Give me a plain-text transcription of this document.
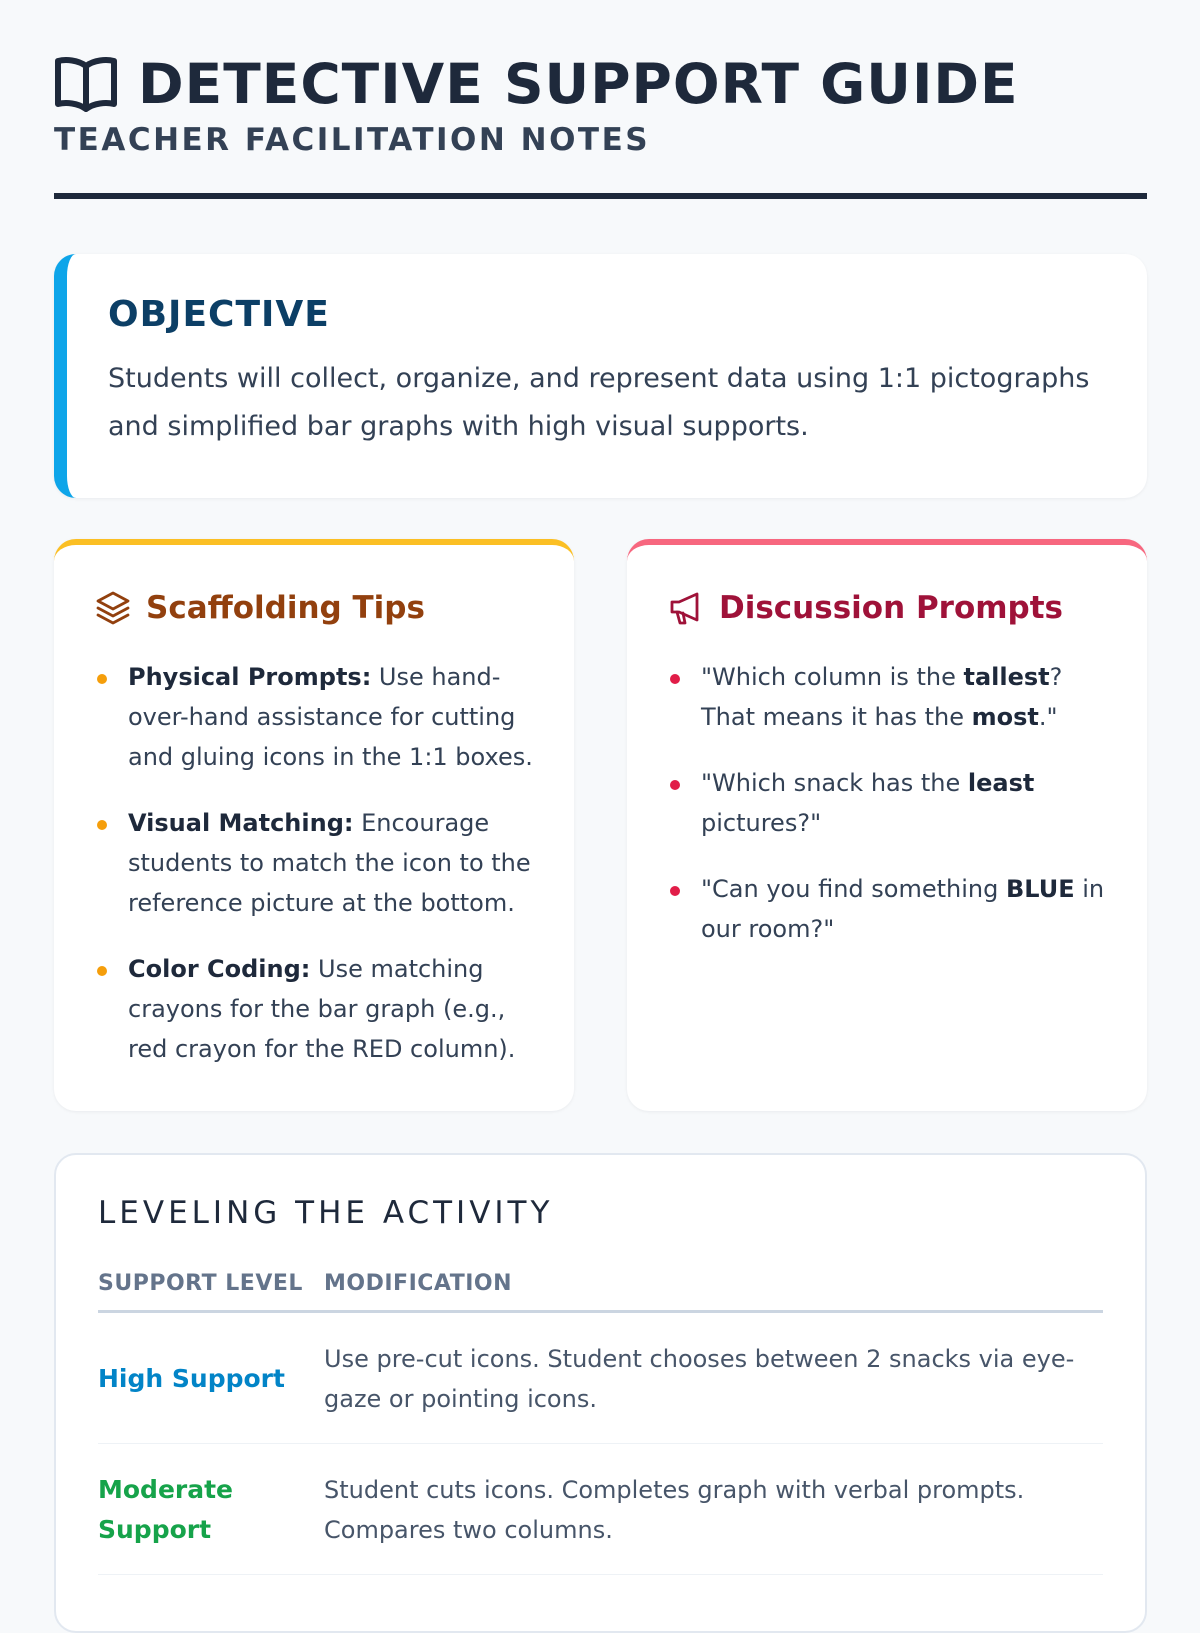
DETECTIVE SUPPORT GUIDE
TEACHER FACILITATION NOTES
OBJECTIVE

Students will collect, organize, and represent data using 1:1 pictographs and simplified bar graphs with high visual supports.

Scaffolding Tips
Physical Prompts: Use hand-over-hand assistance for cutting and gluing icons in the 1:1 boxes.
Visual Matching: Encourage students to match the icon to the reference picture at the bottom.
Color Coding: Use matching crayons for the bar graph (e.g., red crayon for the RED column).
Discussion Prompts
"Which column is the tallest? That means it has the most."
"Which snack has the least pictures?"
"Can you find something BLUE in our room?"
LEVELING THE ACTIVITY
SUPPORT LEVEL MODIFICATION
High Support
Use pre-cut icons. Student chooses between 2 snacks via eye-gaze or pointing icons.
Moderate Support
Student cuts icons. Completes graph with verbal prompts. Compares two columns.
